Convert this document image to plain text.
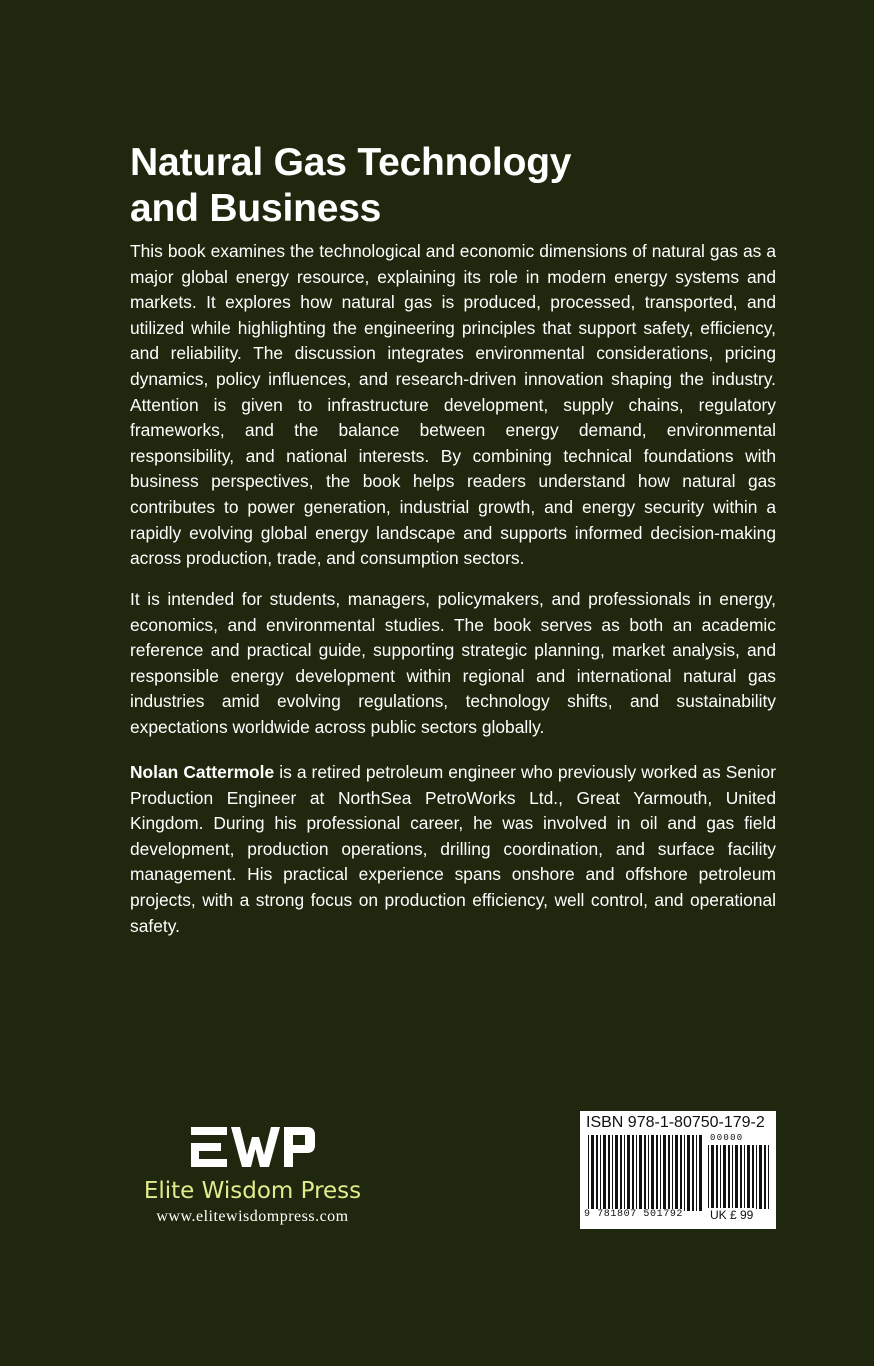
Natural Gas Technology
and Business

This book examines the technological and economic dimensions of natural gas as a major global energy resource, explaining its role in modern energy systems and markets. It explores how natural gas is produced, processed, transported, and utilized while highlighting the engineering principles that support safety, efficiency, and reliability. The discussion integrates environmental considerations, pricing dynamics, policy influences, and research-driven innovation shaping the industry. Attention is given to infrastructure development, supply chains, regulatory frameworks, and the balance between energy demand, environmental responsibility, and national interests. By combining technical foundations with business perspectives, the book helps readers understand how natural gas contributes to power generation, industrial growth, and energy security within a rapidly evolving global energy landscape and supports informed decision-making across production, trade, and consumption sectors.

It is intended for students, managers, policymakers, and professionals in energy, economics, and environmental studies. The book serves as both an academic reference and practical guide, supporting strategic planning, market analysis, and responsible energy development within regional and international natural gas industries amid evolving regulations, technology shifts, and sustainability expectations worldwide across public sectors globally.

Nolan Cattermole is a retired petroleum engineer who previously worked as Senior Production Engineer at NorthSea PetroWorks Ltd., Great Yarmouth, United Kingdom. During his professional career, he was involved in oil and gas field development, production operations, drilling coordination, and surface facility management. His practical experience spans onshore and offshore petroleum projects, with a strong focus on production efficiency, well control, and operational safety.

Elite Wisdom Press
www.elitewisdompress.com
ISBN 978-1-80750-179-2
00000
9 781807 501792 UK £ 99
